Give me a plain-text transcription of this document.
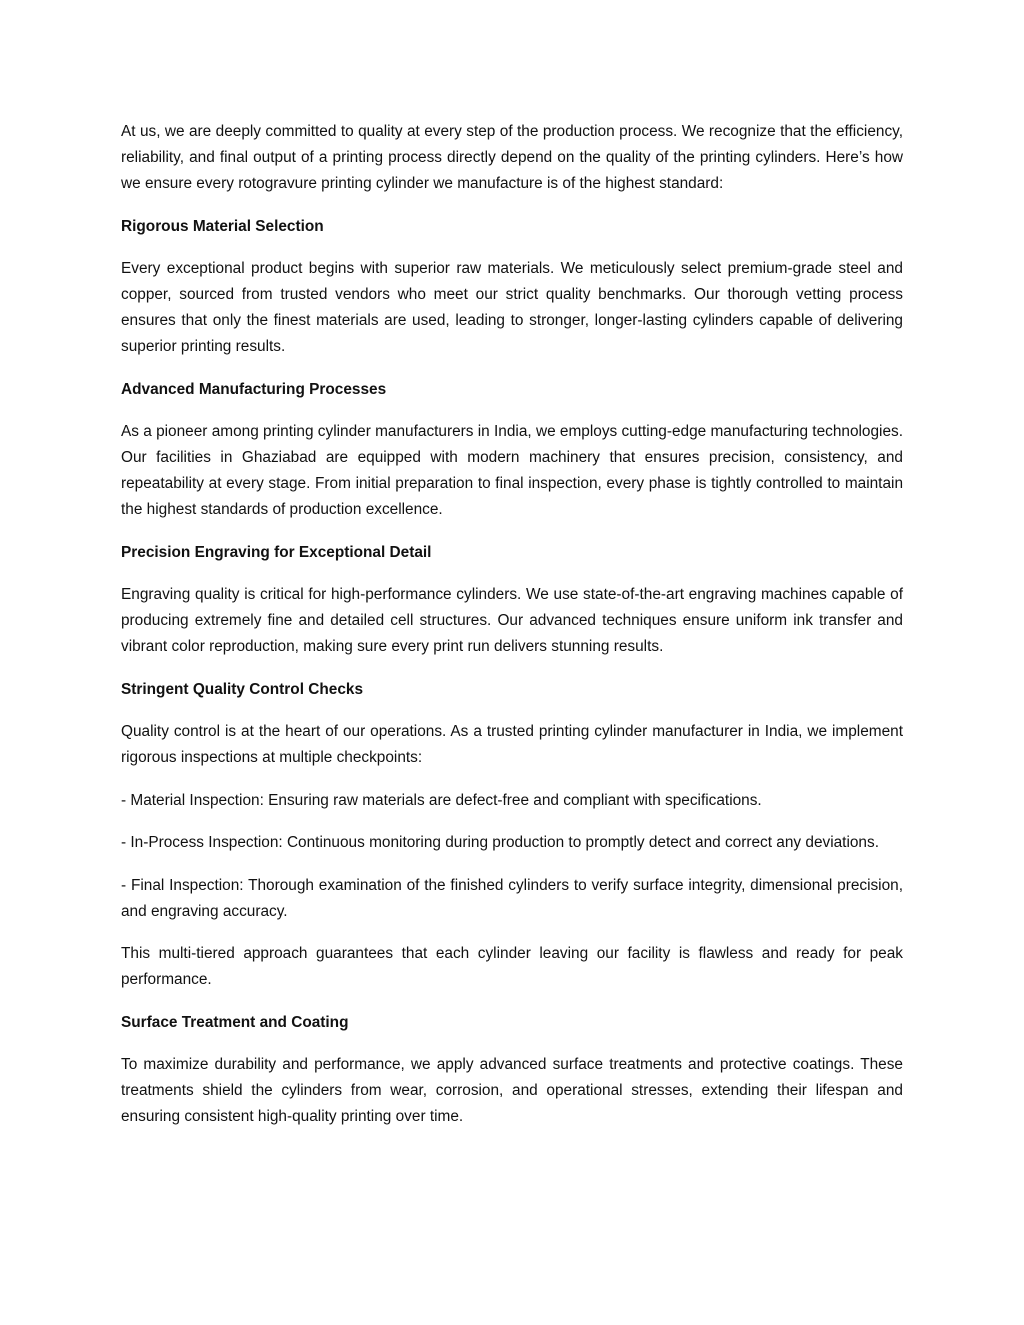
At us, we are deeply committed to quality at every step of the production process. We recognize that the efficiency, reliability, and final output of a printing process directly depend on the quality of the printing cylinders. Here’s how we ensure every rotogravure printing cylinder we manufacture is of the highest standard:

Rigorous Material Selection

Every exceptional product begins with superior raw materials. We meticulously select premium-grade steel and copper, sourced from trusted vendors who meet our strict quality benchmarks. Our thorough vetting process ensures that only the finest materials are used, leading to stronger, longer-lasting cylinders capable of delivering superior printing results.

Advanced Manufacturing Processes

As a pioneer among printing cylinder manufacturers in India, we employs cutting-edge manufacturing technologies. Our facilities in Ghaziabad are equipped with modern machinery that ensures precision, consistency, and repeatability at every stage. From initial preparation to final inspection, every phase is tightly controlled to maintain the highest standards of production excellence.

Precision Engraving for Exceptional Detail

Engraving quality is critical for high-performance cylinders. We use state-of-the-art engraving machines capable of producing extremely fine and detailed cell structures. Our advanced techniques ensure uniform ink transfer and vibrant color reproduction, making sure every print run delivers stunning results.

Stringent Quality Control Checks

Quality control is at the heart of our operations. As a trusted printing cylinder manufacturer in India, we implement rigorous inspections at multiple checkpoints:

- Material Inspection: Ensuring raw materials are defect-free and compliant with specifications.

- In-Process Inspection: Continuous monitoring during production to promptly detect and correct any deviations.

- Final Inspection: Thorough examination of the finished cylinders to verify surface integrity, dimensional precision, and engraving accuracy.

This multi-tiered approach guarantees that each cylinder leaving our facility is flawless and ready for peak performance.

Surface Treatment and Coating

To maximize durability and performance, we apply advanced surface treatments and protective coatings. These treatments shield the cylinders from wear, corrosion, and operational stresses, extending their lifespan and ensuring consistent high-quality printing over time.
